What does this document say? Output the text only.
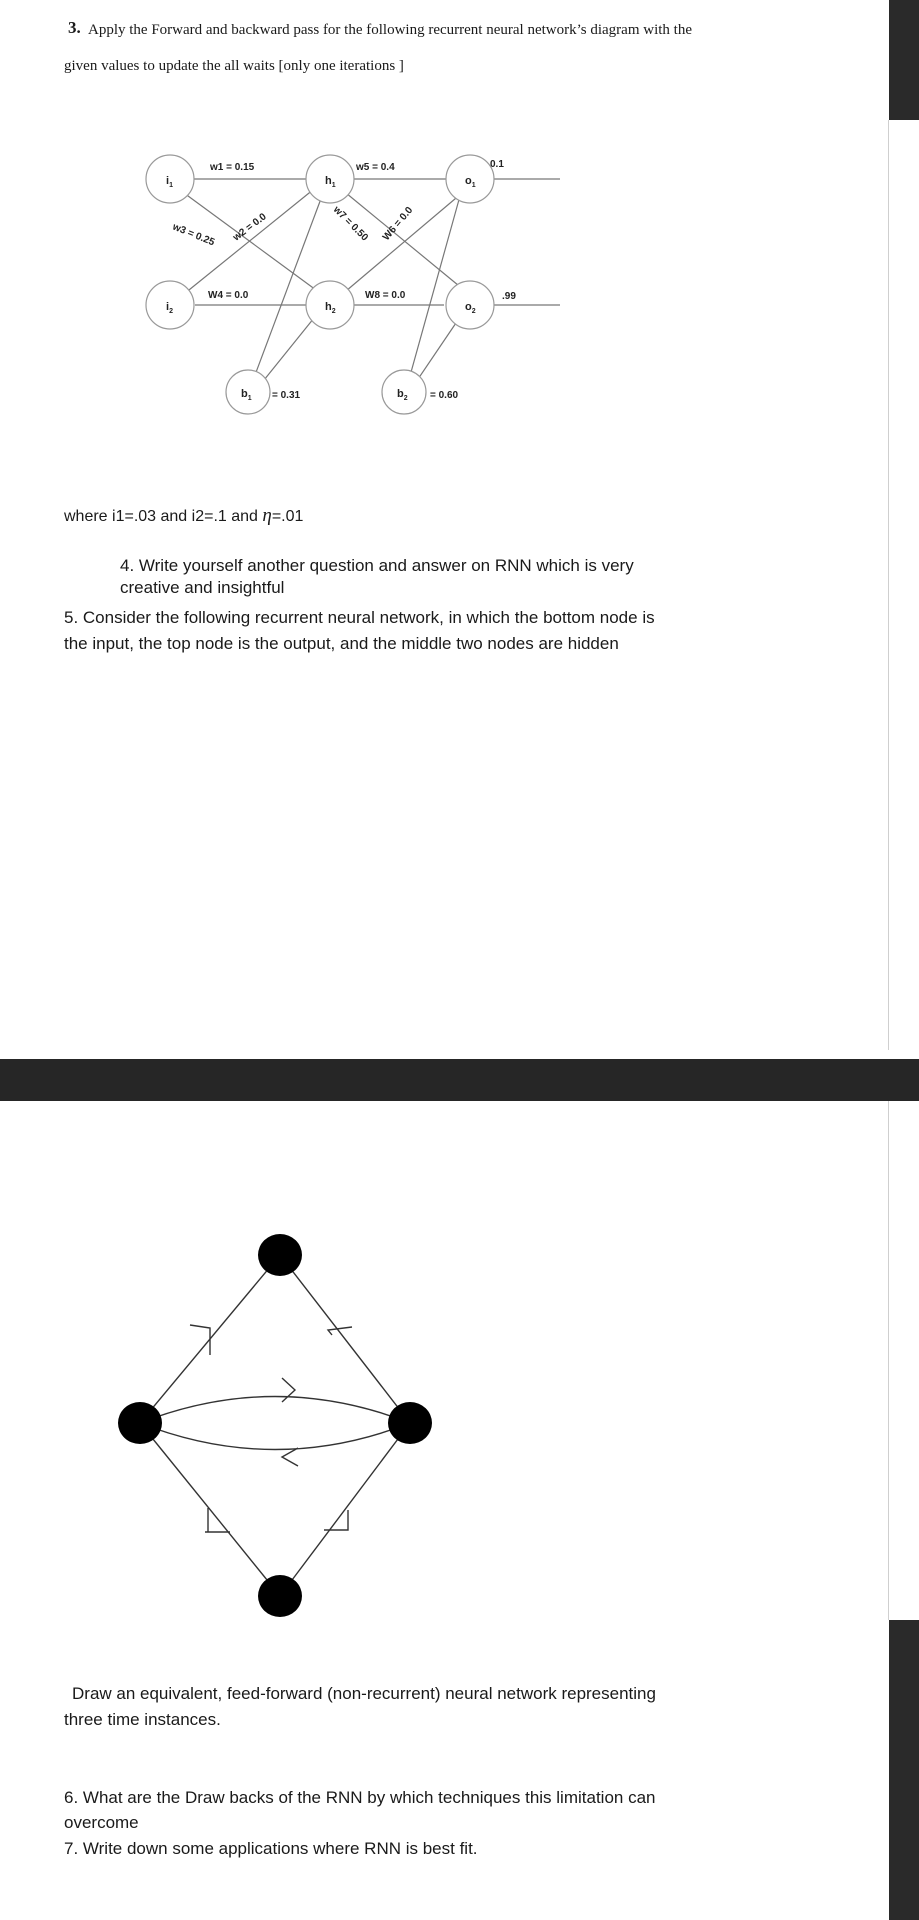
3. Apply the Forward and backward pass for the following recurrent neural network’s diagram with the
given values to update the all waits [only one iterations ]
$i_1$
$i_2$
$h_1$
$h_2$
$o_1$
$o_2$
$b_1$	$b_2$
w1 = 0.15	w5 = 0.4
W4 = 0.0	W8 = 0.0
w3 = 0.25 w2 = 0.0	w7 = 0.50 W6 = 0.0
= 0.31	= 0.60
0.1
.99
where i1=.03 and i2=.1 and η=.01
4. Write yourself another question and answer on RNN which is very
creative and insightful
5. Consider the following recurrent neural network, in which the bottom node is
the input, the top node is the output, and the middle two nodes are hidden
Draw an equivalent, feed-forward (non-recurrent) neural network representing
three time instances.
6. What are the Draw backs of the RNN by which techniques this limitation can
overcome
7. Write down some applications where RNN is best fit.
